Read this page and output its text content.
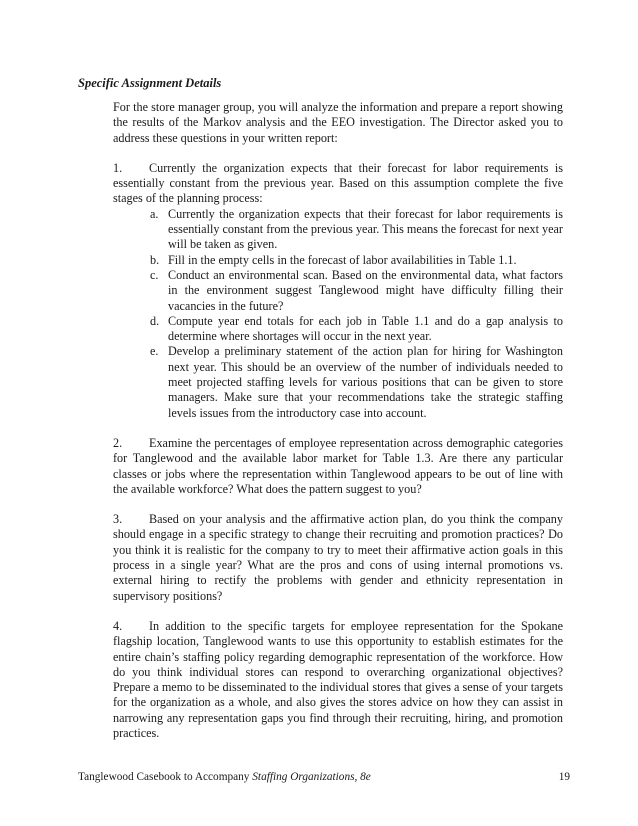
Specific Assignment Details

For the store manager group, you will analyze the information and prepare a report showing the results of the Markov analysis and the EEO investigation. The Director asked you to address these questions in your written report:

1. Currently the organization expects that their forecast for labor requirements is essentially constant from the previous year. Based on this assumption complete the five stages of the planning process:

a. Currently the organization expects that their forecast for labor requirements is essentially constant from the previous year. This means the forecast for next year will be taken as given.
b. Fill in the empty cells in the forecast of labor availabilities in Table 1.1.
c. Conduct an environmental scan. Based on the environmental data, what factors in the environment suggest Tanglewood might have difficulty filling their vacancies in the future?
d. Compute year end totals for each job in Table 1.1 and do a gap analysis to determine where shortages will occur in the next year.
e. Develop a preliminary statement of the action plan for hiring for Washington next year. This should be an overview of the number of individuals needed to meet projected staffing levels for various positions that can be given to store managers. Make sure that your recommendations take the strategic staffing levels issues from the introductory case into account.

2. Examine the percentages of employee representation across demographic categories for Tanglewood and the available labor market for Table 1.3. Are there any particular classes or jobs where the representation within Tanglewood appears to be out of line with the available workforce? What does the pattern suggest to you?

3. Based on your analysis and the affirmative action plan, do you think the company should engage in a specific strategy to change their recruiting and promotion practices? Do you think it is realistic for the company to try to meet their affirmative action goals in this process in a single year? What are the pros and cons of using internal promotions vs. external hiring to rectify the problems with gender and ethnicity representation in supervisory positions?

4. In addition to the specific targets for employee representation for the Spokane flagship location, Tanglewood wants to use this opportunity to establish estimates for the entire chain’s staffing policy regarding demographic representation of the workforce. How do you think individual stores can respond to overarching organizational objectives? Prepare a memo to be disseminated to the individual stores that gives a sense of your targets for the organization as a whole, and also gives the stores advice on how they can assist in narrowing any representation gaps you find through their recruiting, hiring, and promotion practices.

Tanglewood Casebook to Accompany Staffing Organizations, 8e	19
